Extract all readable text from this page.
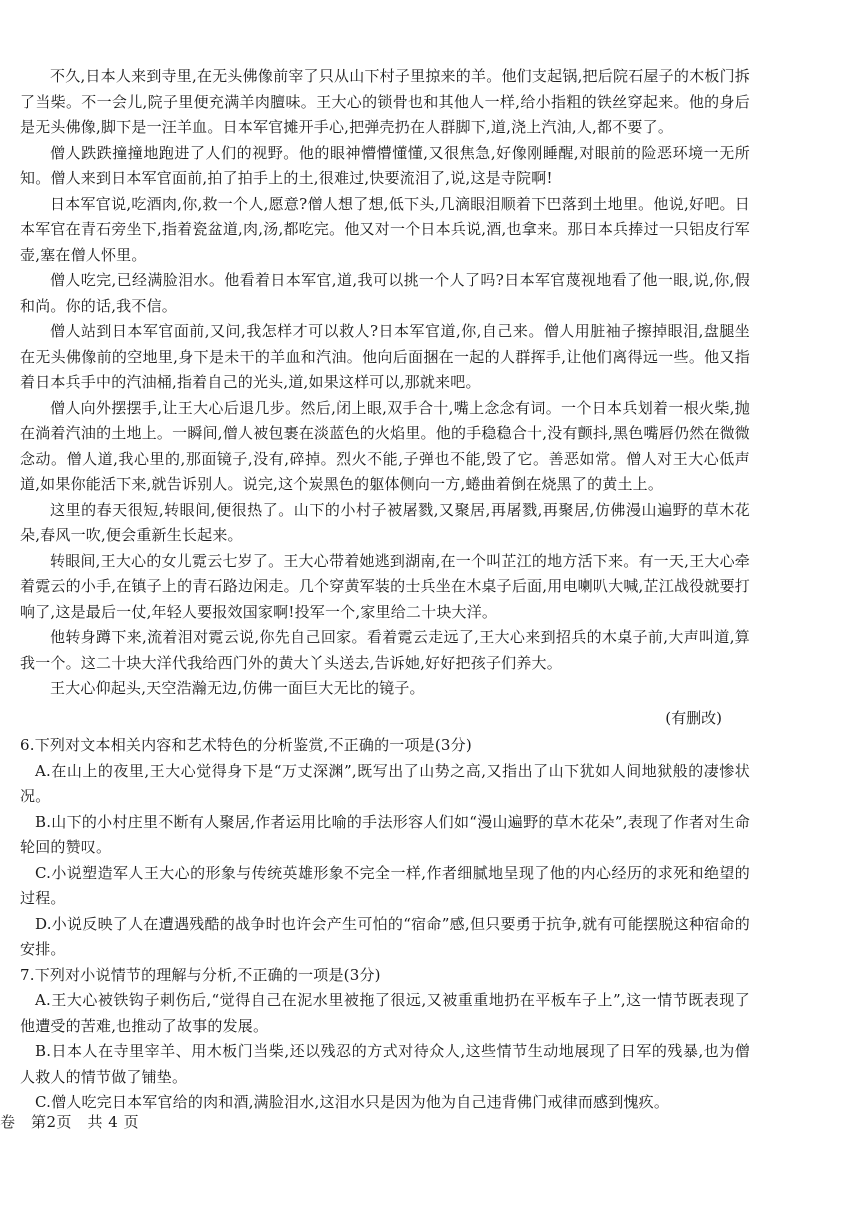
不久,日本人来到寺里,在无头佛像前宰了只从山下村子里掠来的羊。他们支起锅,把后院石屋子的木板门拆了当柴。不一会儿,院子里便充满羊肉膻味。王大心的锁骨也和其他人一样,给小指粗的铁丝穿起来。他的身后是无头佛像,脚下是一汪羊血。日本军官摊开手心,把弹壳扔在人群脚下,道,浇上汽油,人,都不要了。

僧人跌跌撞撞地跑进了人们的视野。他的眼神懵懵懂懂,又很焦急,好像刚睡醒,对眼前的险恶环境一无所知。僧人来到日本军官面前,拍了拍手上的土,很难过,快要流泪了,说,这是寺院啊!

日本军官说,吃酒肉,你,救一个人,愿意?僧人想了想,低下头,几滴眼泪顺着下巴落到土地里。他说,好吧。日本军官在青石旁坐下,指着瓷盆道,肉,汤,都吃完。他又对一个日本兵说,酒,也拿来。那日本兵捧过一只铝皮行军壶,塞在僧人怀里。

僧人吃完,已经满脸泪水。他看着日本军官,道,我可以挑一个人了吗?日本军官蔑视地看了他一眼,说,你,假和尚。你的话,我不信。

僧人站到日本军官面前,又问,我怎样才可以救人?日本军官道,你,自己来。僧人用脏袖子擦掉眼泪,盘腿坐在无头佛像前的空地里,身下是未干的羊血和汽油。他向后面捆在一起的人群挥手,让他们离得远一些。他又指着日本兵手中的汽油桶,指着自己的光头,道,如果这样可以,那就来吧。

僧人向外摆摆手,让王大心后退几步。然后,闭上眼,双手合十,嘴上念念有词。一个日本兵划着一根火柴,抛在淌着汽油的土地上。一瞬间,僧人被包裹在淡蓝色的火焰里。他的手稳稳合十,没有颤抖,黑色嘴唇仍然在微微念动。僧人道,我心里的,那面镜子,没有,碎掉。烈火不能,子弹也不能,毁了它。善恶如常。僧人对王大心低声道,如果你能活下来,就告诉别人。说完,这个炭黑色的躯体侧向一方,蜷曲着倒在烧黑了的黄土上。

这里的春天很短,转眼间,便很热了。山下的小村子被屠戮,又聚居,再屠戮,再聚居,仿佛漫山遍野的草木花朵,春风一吹,便会重新生长起来。

转眼间,王大心的女儿霓云七岁了。王大心带着她逃到湖南,在一个叫芷江的地方活下来。有一天,王大心牵着霓云的小手,在镇子上的青石路边闲走。几个穿黄军装的士兵坐在木桌子后面,用电喇叭大喊,芷江战役就要打响了,这是最后一仗,年轻人要报效国家啊!投军一个,家里给二十块大洋。

他转身蹲下来,流着泪对霓云说,你先自己回家。看着霓云走远了,王大心来到招兵的木桌子前,大声叫道,算我一个。这二十块大洋代我给西门外的黄大丫头送去,告诉她,好好把孩子们养大。

王大心仰起头,天空浩瀚无边,仿佛一面巨大无比的镜子。

(有删改)

6.下列对文本相关内容和艺术特色的分析鉴赏,不正确的一项是(3分)

A.在山上的夜里,王大心觉得身下是“万丈深渊”,既写出了山势之高,又指出了山下犹如人间地狱般的凄惨状况。

B.山下的小村庄里不断有人聚居,作者运用比喻的手法形容人们如“漫山遍野的草木花朵”,表现了作者对生命轮回的赞叹。

C.小说塑造军人王大心的形象与传统英雄形象不完全一样,作者细腻地呈现了他的内心经历的求死和绝望的过程。

D.小说反映了人在遭遇残酷的战争时也许会产生可怕的“宿命”感,但只要勇于抗争,就有可能摆脱这种宿命的安排。

7.下列对小说情节的理解与分析,不正确的一项是(3分)

A.王大心被铁钩子刺伤后,“觉得自己在泥水里被拖了很远,又被重重地扔在平板车子上”,这一情节既表现了他遭受的苦难,也推动了故事的发展。

B.日本人在寺里宰羊、用木板门当柴,还以残忍的方式对待众人,这些情节生动地展现了日军的残暴,也为僧人救人的情节做了铺垫。

C.僧人吃完日本军官给的肉和酒,满脸泪水,这泪水只是因为他为自己违背佛门戒律而感到愧疚。

卷　第2页　共 4 页
